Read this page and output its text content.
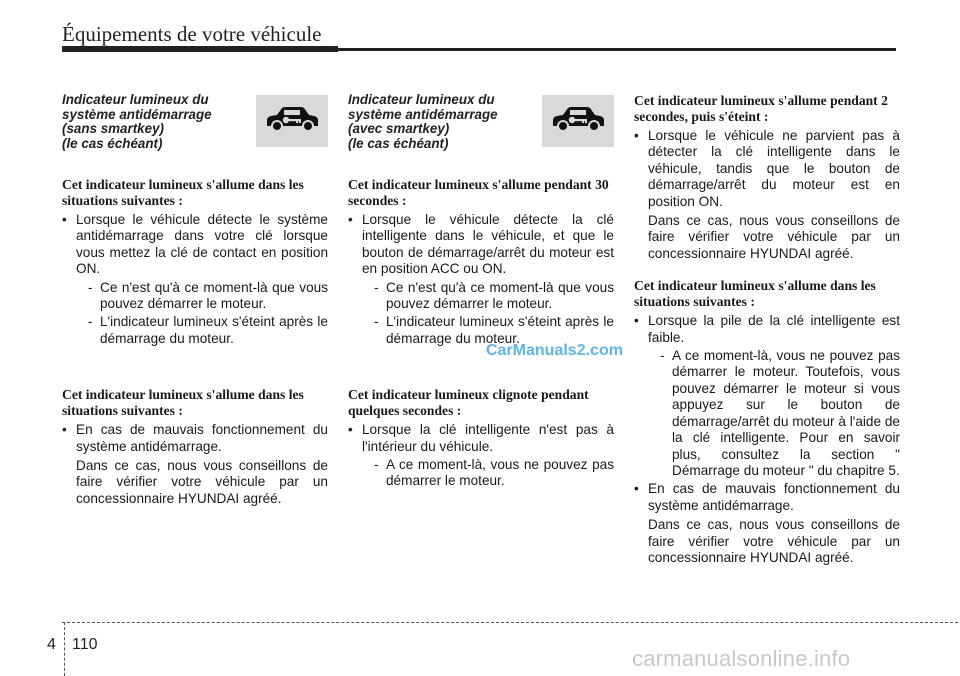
Équipements de votre véhicule
Indicateur lumineux du
système antidémarrage
(sans smartkey)
(le cas échéant)

Cet indicateur lumineux s'allume dans les situations suivantes :

• Lorsque le véhicule détecte le système antidémarrage dans votre clé lorsque vous mettez la clé de contact en position ON.
- Ce n'est qu'à ce moment-là que vous pouvez démarrer le moteur.
- L'indicateur lumineux s'éteint après le démarrage du moteur.

Cet indicateur lumineux s'allume dans les situations suivantes :

• En cas de mauvais fonctionnement du système antidémarrage.

Dans ce cas, nous vous conseillons de faire vérifier votre véhicule par un concessionnaire HYUNDAI agréé.

Indicateur lumineux du
système antidémarrage
(avec smartkey)
(le cas échéant)

Cet indicateur lumineux s'allume pendant 30 secondes :

• Lorsque le véhicule détecte la clé intelligente dans le véhicule, et que le bouton de démarrage/arrêt du moteur est en position ACC ou ON.
- Ce n'est qu'à ce moment-là que vous pouvez démarrer le moteur.
- L'indicateur lumineux s'éteint après le démarrage du moteur.

Cet indicateur lumineux clignote pendant quelques secondes :

• Lorsque la clé intelligente n'est pas à l'intérieur du véhicule.
- A ce moment-là, vous ne pouvez pas démarrer le moteur.

Cet indicateur lumineux s'allume pendant 2 secondes, puis s'éteint :

• Lorsque le véhicule ne parvient pas à détecter la clé intelligente dans le véhicule, tandis que le bouton de démarrage/arrêt du moteur est en position ON.

Dans ce cas, nous vous conseillons de faire vérifier votre véhicule par un concessionnaire HYUNDAI agréé.

Cet indicateur lumineux s'allume dans les situations suivantes :

• Lorsque la pile de la clé intelligente est faible.
- A ce moment-là, vous ne pouvez pas démarrer le moteur. Toutefois, vous pouvez démarrer le moteur si vous appuyez sur le bouton de démarrage/arrêt du moteur à l'aide de la clé intelligente. Pour en savoir plus, consultez la section " Démarrage du moteur " du chapitre 5.
• En cas de mauvais fonctionnement du système antidémarrage.

Dans ce cas, nous vous conseillons de faire vérifier votre véhicule par un concessionnaire HYUNDAI agréé.

CarManuals2.com
4 110
carmanualsonline.info
